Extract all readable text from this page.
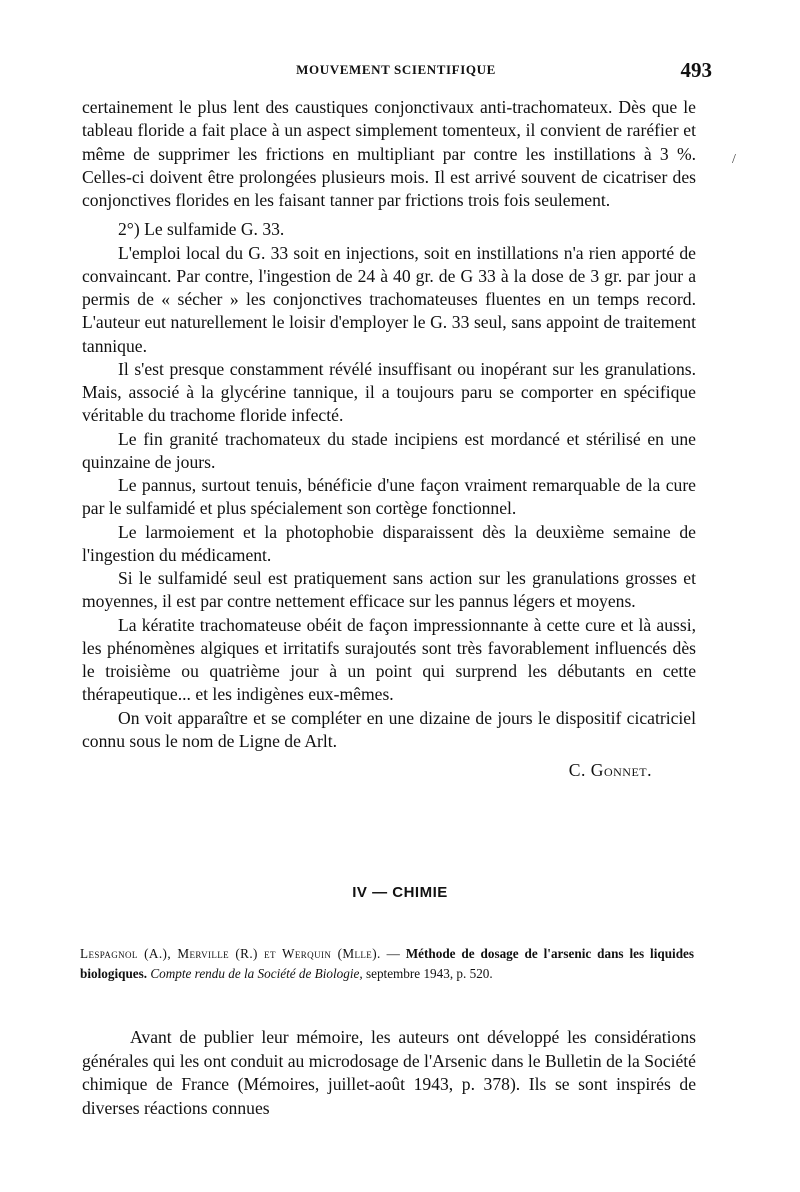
MOUVEMENT SCIENTIFIQUE	493
/

certainement le plus lent des caustiques conjonctivaux anti-trachomateux. Dès que le tableau floride a fait place à un aspect simplement tomenteux, il convient de raréfier et même de supprimer les frictions en multipliant par contre les instillations à 3 %. Celles-ci doivent être prolongées plusieurs mois. Il est arrivé souvent de cicatriser des conjonctives florides en les faisant tanner par frictions trois fois seulement.

2°) Le sulfamide G. 33.

L'emploi local du G. 33 soit en injections, soit en instillations n'a rien apporté de convaincant. Par contre, l'ingestion de 24 à 40 gr. de G 33 à la dose de 3 gr. par jour a permis de « sécher » les conjonctives trachomateuses fluentes en un temps record. L'auteur eut naturellement le loisir d'employer le G. 33 seul, sans appoint de traitement tannique.

Il s'est presque constamment révélé insuffisant ou inopérant sur les granulations. Mais, associé à la glycérine tannique, il a toujours paru se comporter en spécifique véritable du trachome floride infecté.

Le fin granité trachomateux du stade incipiens est mordancé et stérilisé en une quinzaine de jours.

Le pannus, surtout tenuis, bénéficie d'une façon vraiment remarquable de la cure par le sulfamidé et plus spécialement son cortège fonctionnel.

Le larmoiement et la photophobie disparaissent dès la deuxième semaine de l'ingestion du médicament.

Si le sulfamidé seul est pratiquement sans action sur les granulations grosses et moyennes, il est par contre nettement efficace sur les pannus légers et moyens.

La kératite trachomateuse obéit de façon impressionnante à cette cure et là aussi, les phénomènes algiques et irritatifs surajoutés sont très favorablement influencés dès le troisième ou quatrième jour à un point qui surprend les débutants en cette thérapeutique... et les indigènes eux-mêmes.

On voit apparaître et se compléter en une dizaine de jours le dispositif cicatriciel connu sous le nom de Ligne de Arlt.

C. Gonnet.

IV — CHIMIE
Lespagnol (A.), Merville (R.) et Werquin (Mlle). — Méthode de dosage de l'arsenic dans les liquides biologiques. Compte rendu de la Société de Biologie, septembre 1943, p. 520.

Avant de publier leur mémoire, les auteurs ont développé les considérations générales qui les ont conduit au microdosage de l'Arsenic dans le Bulletin de la Société chimique de France (Mémoires, juillet-août 1943, p. 378). Ils se sont inspirés de diverses réactions connues
